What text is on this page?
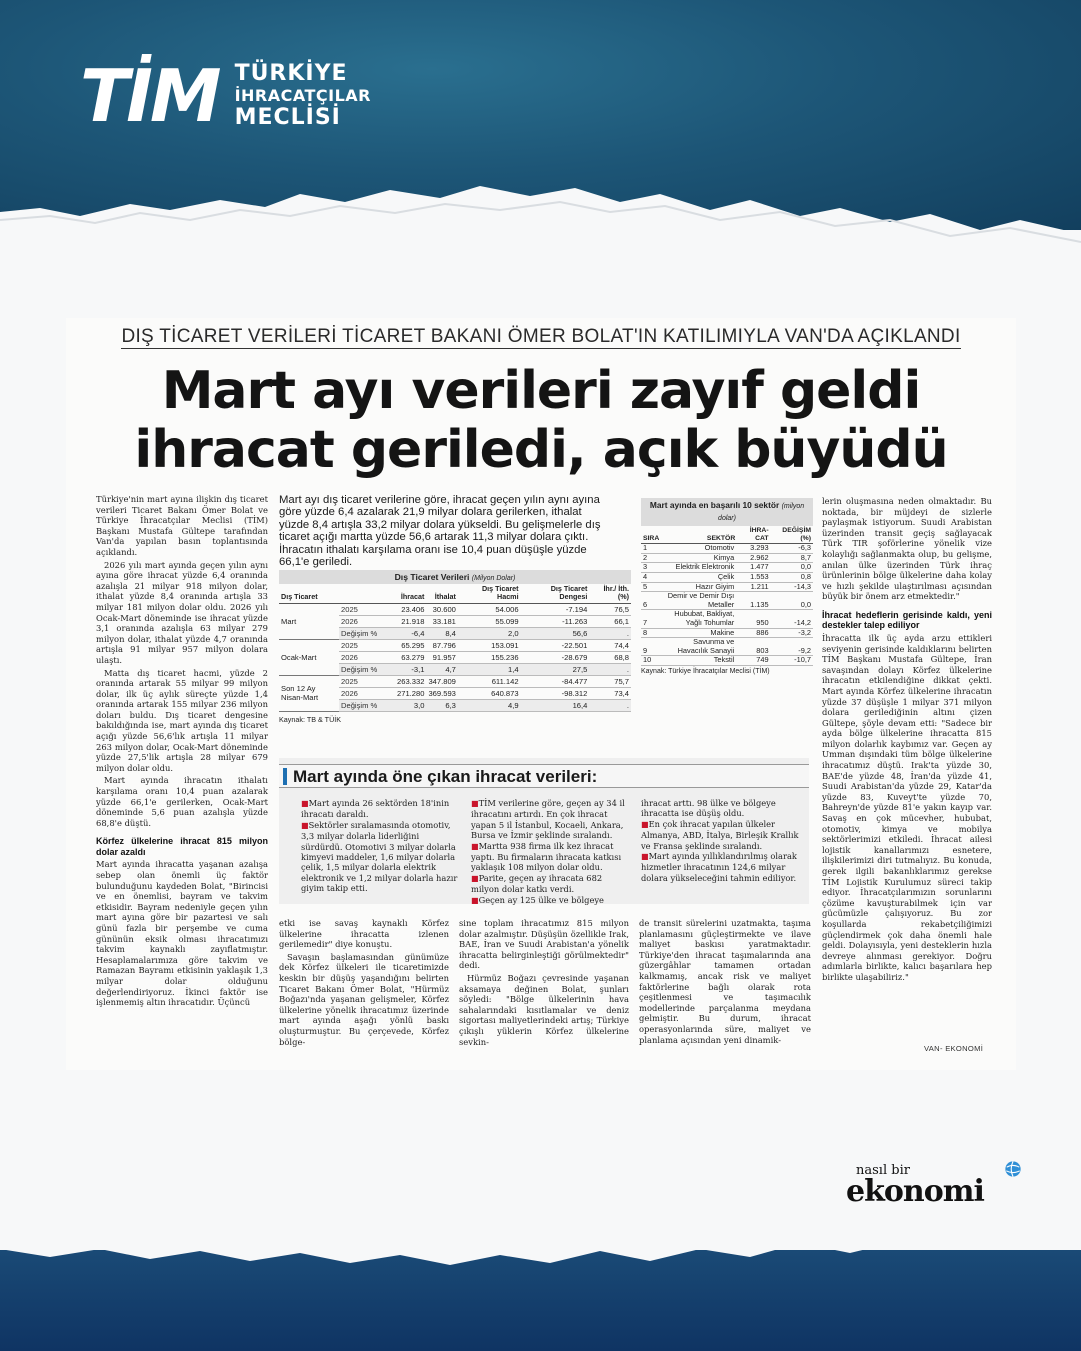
TİM TÜRKİYE
İHRACATÇILAR
MECLİSİ
DIŞ TİCARET VERİLERİ TİCARET BAKANI ÖMER BOLAT'IN KATILIMIYLA VAN'DA AÇIKLANDI
Mart ayı verileri zayıf geldi
ihracat geriledi, açık büyüdü

Türkiye'nin mart ayına ilişkin dış ticaret verileri Ticaret Bakanı Ömer Bolat ve Türkiye İhracatçılar Meclisi (TİM) Başkanı Mustafa Gültepe tarafından Van'da yapılan basın toplantısında açıklandı.

2026 yılı mart ayında geçen yılın aynı ayına göre ihracat yüzde 6,4 oranında azalışla 21 milyar 918 milyon dolar, ithalat yüzde 8,4 oranında artışla 33 milyar 181 milyon dolar oldu. 2026 yılı Ocak-Mart döneminde ise ihracat yüzde 3,1 oranında azalışla 63 milyar 279 milyon dolar, ithalat yüzde 4,7 oranında artışla 91 milyar 957 milyon dolara ulaştı.

Matta dış ticaret hacmi, yüzde 2 oranında artarak 55 milyar 99 milyon dolar, ilk üç aylık süreçte yüzde 1,4 oranında artarak 155 milyar 236 milyon doları buldu. Dış ticaret dengesine bakıldığında ise, mart ayında dış ticaret açığı yüzde 56,6'lık artışla 11 milyar 263 milyon dolar, Ocak-Mart döneminde yüzde 27,5'lik artışla 28 milyar 679 milyon dolar oldu.

Mart ayında ihracatın ithalatı karşılama oranı 10,4 puan azalarak yüzde 66,1'e gerilerken, Ocak-Mart döneminde 5,6 puan azalışla yüzde 68,8'e düştü.

Körfez ülkelerine ihracat 815 milyon dolar azaldı

Mart ayında ihracatta yaşanan azalışa sebep olan önemli üç faktör bulunduğunu kaydeden Bolat, "Birincisi ve en önemlisi, bayram ve takvim etkisidir. Bayram nedeniyle geçen yılın mart ayına göre bir pazartesi ve salı günü fazla bir perşembe ve cuma gününün eksik olması ihracatımızı takvim kaynaklı zayıflatmıştır. Hesaplamalarımıza göre takvim ve Ramazan Bayramı etkisinin yaklaşık 1,3 milyar dolar olduğunu değerlendiriyoruz. İkinci faktör ise işlenmemiş altın ihracatıdır. Üçüncü

Mart ayı dış ticaret verilerine göre, ihracat geçen yılın aynı ayına göre yüzde 6,4 azalarak 21,9 milyar dolara gerilerken, ithalat yüzde 8,4 artışla 33,2 milyar dolara yükseldi. Bu gelişmelerle dış ticaret açığı martta yüzde 56,6 artarak 11,3 milyar dolara çıktı. İhracatın ithalatı karşılama oranı ise 10,4 puan düşüşle yüzde 66,1'e geriledi.
Dış Ticaret Verileri (Milyon Dolar)
Dış Ticaret		İhracat	İthalat	Dış Ticaret Hacmi	Dış Ticaret Dengesi	İhr./ İth. (%)
Mart	2025	23.406	30.600	54.006	-7.194	76,5
	2026	21.918	33.181	55.099	-11.263	66,1
	Değişim %	-6,4	8,4	2,0	56,6	.
Ocak-Mart	2025	65.295	87.796	153.091	-22.501	74,4
	2026	63.279	91.957	155.236	-28.679	68,8
	Değişim %	-3,1	4,7	1,4	27,5	.
Son 12 Ay Nisan-Mart	2025	263.332	347.809	611.142	-84.477	75,7
	2026	271.280	369.593	640.873	-98.312	73,4
	Değişim %	3,0	6,3	4,9	16,4	.
Kaynak: TB & TÜİK
Mart ayında en başarılı 10 sektör (milyon dolar)
SIRA	SEKTÖR	İHRA-CAT	DEĞİŞİM (%)
1	Otomotiv	3.293	-6,3
2	Kimya	2.962	8,7
3	Elektrik Elektronik	1.477	0,0
4	Çelik	1.553	0,8
5	Hazır Giyim	1.211	-14,3
6	Demir ve Demir Dışı Metaller	1.135	0,0
7	Hububat, Bakliyat, Yağlı Tohumlar	950	-14,2
8	Makine	886	-3,2
9	Savunma ve Havacılık Sanayii	803	-9,2
10	Tekstil	749	-10,7
Kaynak: Türkiye İhracatçılar Meclisi (TİM)

lerin oluşmasına neden olmaktadır. Bu noktada, bir müjdeyi de sizlerle paylaşmak istiyorum. Suudi Arabistan üzerinden transit geçiş sağlayacak Türk TIR şoförlerine yönelik vize kolaylığı sağlanmakta olup, bu gelişme, anılan ülke üzerinden Türk ihraç ürünlerinin bölge ülkelerine daha kolay ve hızlı şekilde ulaştırılması açısından büyük bir önem arz etmektedir."

İhracat hedeflerin gerisinde kaldı, yeni destekler talep ediliyor

İhracatta ilk üç ayda arzu ettikleri seviyenin gerisinde kaldıklarını belirten TİM Başkanı Mustafa Gültepe, İran savaşından dolayı Körfez ülkelerine ihracatın etkilendiğine dikkat çekti. Mart ayında Körfez ülkelerine ihracatın yüzde 37 düşüşle 1 milyar 371 milyon dolara gerilediğinin altını çizen Gültepe, şöyle devam etti: "Sadece bir ayda bölge ülkelerine ihracatta 815 milyon dolarlık kaybımız var. Geçen ay Umman dışındaki tüm bölge ülkelerine ihracatımız düştü. Irak'ta yüzde 30, BAE'de yüzde 48, İran'da yüzde 41, Suudi Arabistan'da yüzde 29, Katar'da yüzde 83, Kuveyt'te yüzde 70, Bahreyn'de yüzde 81'e yakın kayıp var. Savaş en çok mücevher, hububat, otomotiv, kimya ve mobilya sektörlerimizi etkiledi. İhracat ailesi lojistik kanallarımızı esnetere, ilişkilerimizi diri tutmalıyız. Bu konuda, gerek ilgili bakanlıklarımız gerekse TİM Lojistik Kurulumuz süreci takip ediyor. İhracatçılarımızın sorunlarını çözüme kavuşturabilmek için var gücümüzle çalışıyoruz. Bu zor koşullarda rekabetçiliğimizi güçlendirmek çok daha önemli hale geldi. Dolayısıyla, yeni desteklerin hızla devreye alınması gerekiyor. Doğru adımlarla birlikte, kalıcı başarılara hep birlikte ulaşabiliriz."

Mart ayında öne çıkan ihracat verileri:

■Mart ayında 26 sektörden 18'inin ihracatı daraldı.

■Sektörler sıralamasında otomotiv, 3,3 milyar dolarla liderliğini sürdürdü. Otomotivi 3 milyar dolarla kimyevi maddeler, 1,6 milyar dolarla çelik, 1,5 milyar dolarla elektrik elektronik ve 1,2 milyar dolarla hazır giyim takip etti.

■TİM verilerine göre, geçen ay 34 il ihracatını artırdı. En çok ihracat yapan 5 il İstanbul, Kocaeli, Ankara, Bursa ve İzmir şeklinde sıralandı.

■Martta 938 firma ilk kez ihracat yaptı. Bu firmaların ihracata katkısı yaklaşık 108 milyon dolar oldu.

■Parite, geçen ay ihracata 682 milyon dolar katkı verdi.

■Geçen ay 125 ülke ve bölgeye

ihracat arttı. 98 ülke ve bölgeye ihracatta ise düşüş oldu.

■En çok ihracat yapılan ülkeler Almanya, ABD, İtalya, Birleşik Krallık ve Fransa şeklinde sıralandı.

■Mart ayında yıllıklandırılmış olarak hizmetler ihracatının 124,6 milyar dolara yükseleceğini tahmin ediliyor.

etki ise savaş kaynaklı Körfez ülkelerine ihracatta izlenen gerilemedir" diye konuştu.

Savaşın başlamasından günümüze dek Körfez ülkeleri ile ticaretimizde keskin bir düşüş yaşandığını belirten Ticaret Bakanı Ömer Bolat, "Hürmüz Boğazı'nda yaşanan gelişmeler, Körfez ülkelerine yönelik ihracatımız üzerinde mart ayında aşağı yönlü baskı oluşturmuştur. Bu çerçevede, Körfez bölge-

sine toplam ihracatımız 815 milyon dolar azalmıştır. Düşüşün özellikle Irak, BAE, İran ve Suudi Arabistan'a yönelik ihracatta belirginleştiği görülmektedir" dedi.

Hürmüz Boğazı çevresinde yaşanan aksamaya değinen Bolat, şunları söyledi: "Bölge ülkelerinin hava sahalarındaki kısıtlamalar ve deniz sigortası maliyetlerindeki artış; Türkiye çıkışlı yüklerin Körfez ülkelerine sevkin-

de transit sürelerini uzatmakta, taşıma planlamasını güçleştirmekte ve ilave maliyet baskısı yaratmaktadır. Türkiye'den ihracat taşımalarında ana güzergâhlar tamamen ortadan kalkmamış, ancak risk ve maliyet faktörlerine bağlı olarak rota çeşitlenmesi ve taşımacılık modellerinde parçalanma meydana gelmiştir. Bu durum, ihracat operasyonlarında süre, maliyet ve planlama açısından yeni dinamik-

VAN- EKONOMİ
nasıl bir
ekonomi
